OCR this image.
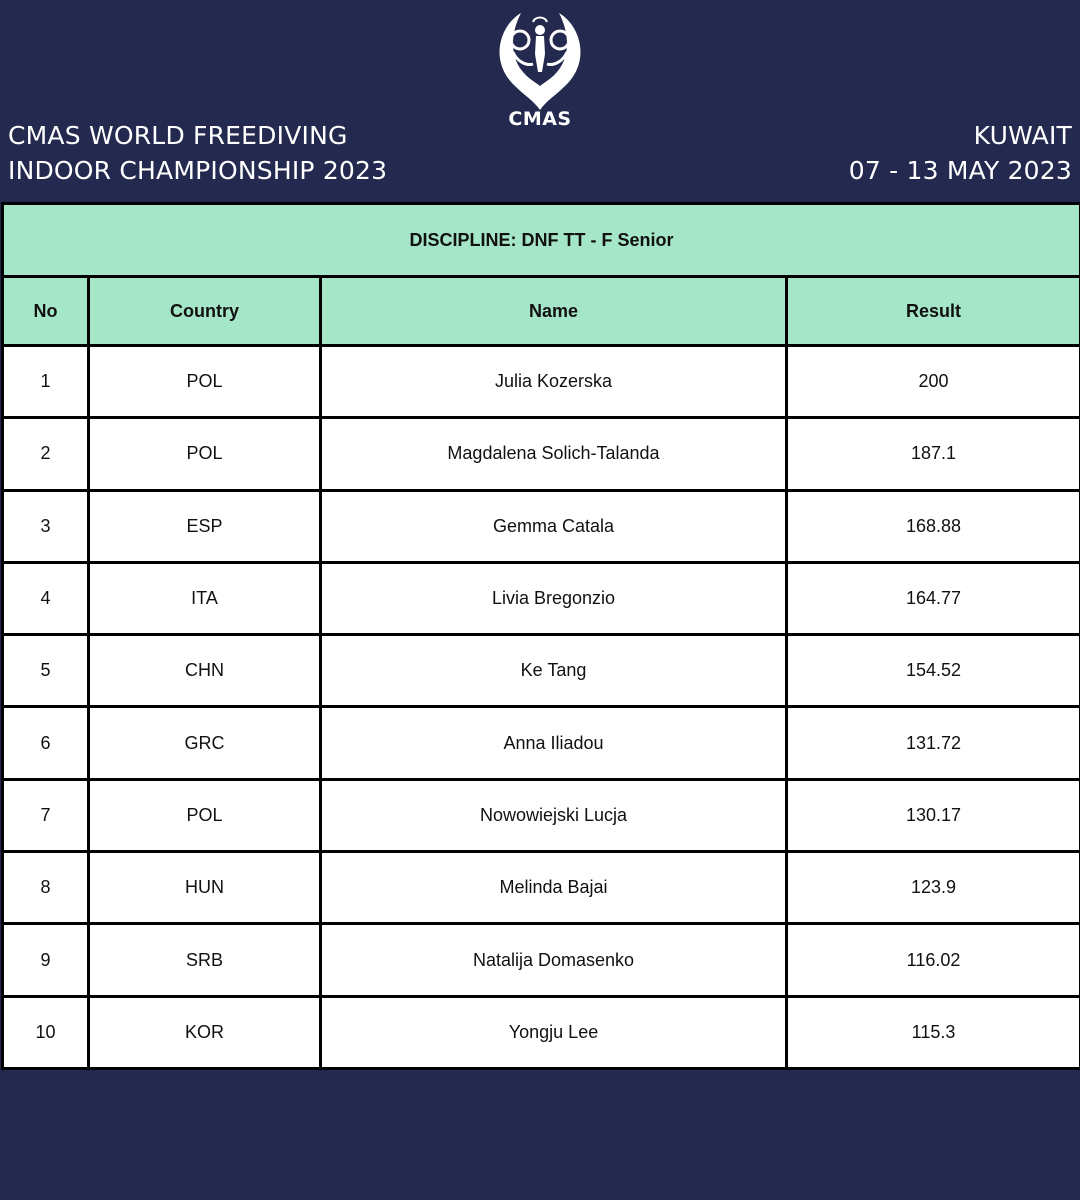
CMAS WORLD FREEDIVING
INDOOR CHAMPIONSHIP 2023
CMAS
KUWAIT
07 - 13 MAY 2023
DISCIPLINE: DNF TT - F Senior			
No	Country	Name	Result
1	POL	Julia Kozerska	200
2	POL	Magdalena Solich-Talanda	187.1
3	ESP	Gemma Catala	168.88
4	ITA	Livia Bregonzio	164.77
5	CHN	Ke Tang	154.52
6	GRC	Anna Iliadou	131.72
7	POL	Nowowiejski Lucja	130.17
8	HUN	Melinda Bajai	123.9
9	SRB	Natalija Domasenko	116.02
10	KOR	Yongju Lee	115.3
